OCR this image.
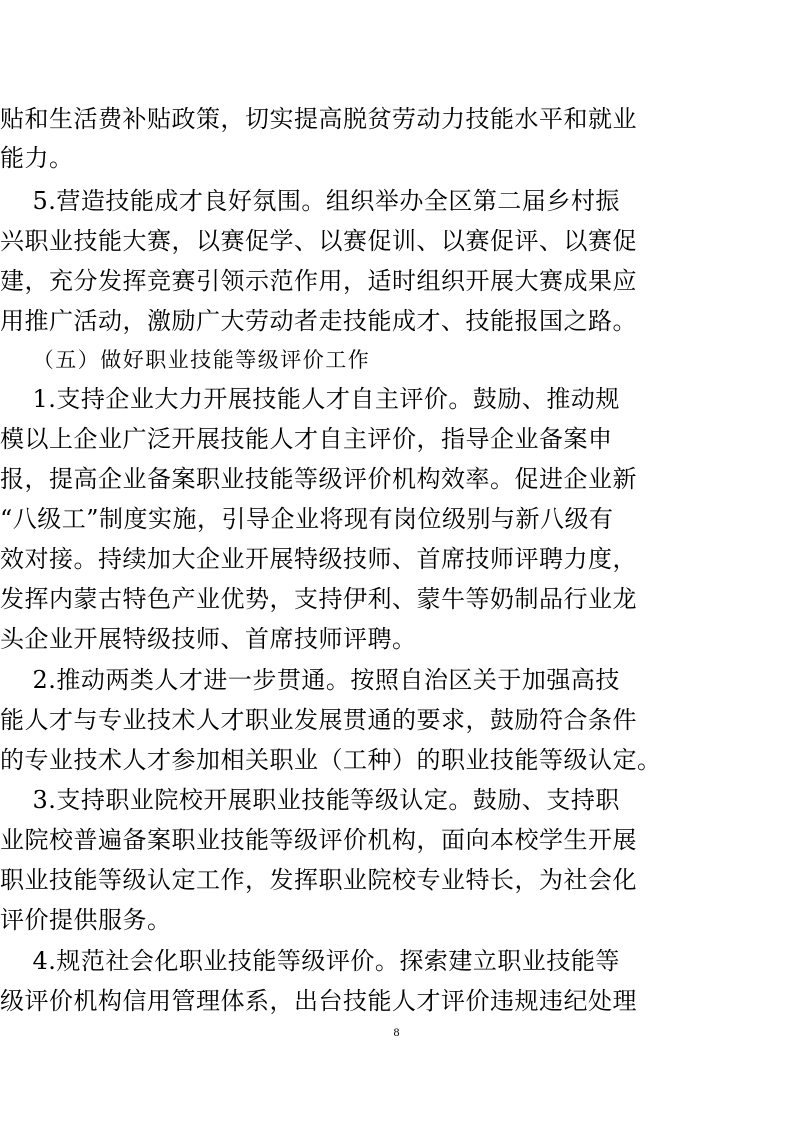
贴和生活费补贴政策，切实提高脱贫劳动力技能水平和就业
能力。
5.营造技能成才良好氛围。组织举办全区第二届乡村振
兴职业技能大赛，以赛促学、以赛促训、以赛促评、以赛促
建，充分发挥竞赛引领示范作用，适时组织开展大赛成果应
用推广活动，激励广大劳动者走技能成才、技能报国之路。
（五）做好职业技能等级评价工作
1.支持企业大力开展技能人才自主评价。鼓励、推动规
模以上企业广泛开展技能人才自主评价，指导企业备案申
报，提高企业备案职业技能等级评价机构效率。促进企业新
“八级工”制度实施，引导企业将现有岗位级别与新八级有
效对接。持续加大企业开展特级技师、首席技师评聘力度，
发挥内蒙古特色产业优势，支持伊利、蒙牛等奶制品行业龙
头企业开展特级技师、首席技师评聘。
2.推动两类人才进一步贯通。按照自治区关于加强高技
能人才与专业技术人才职业发展贯通的要求，鼓励符合条件
的专业技术人才参加相关职业（工种）的职业技能等级认定。
3.支持职业院校开展职业技能等级认定。鼓励、支持职
业院校普遍备案职业技能等级评价机构，面向本校学生开展
职业技能等级认定工作，发挥职业院校专业特长，为社会化
评价提供服务。
4.规范社会化职业技能等级评价。探索建立职业技能等
级评价机构信用管理体系，出台技能人才评价违规违纪处理
8
